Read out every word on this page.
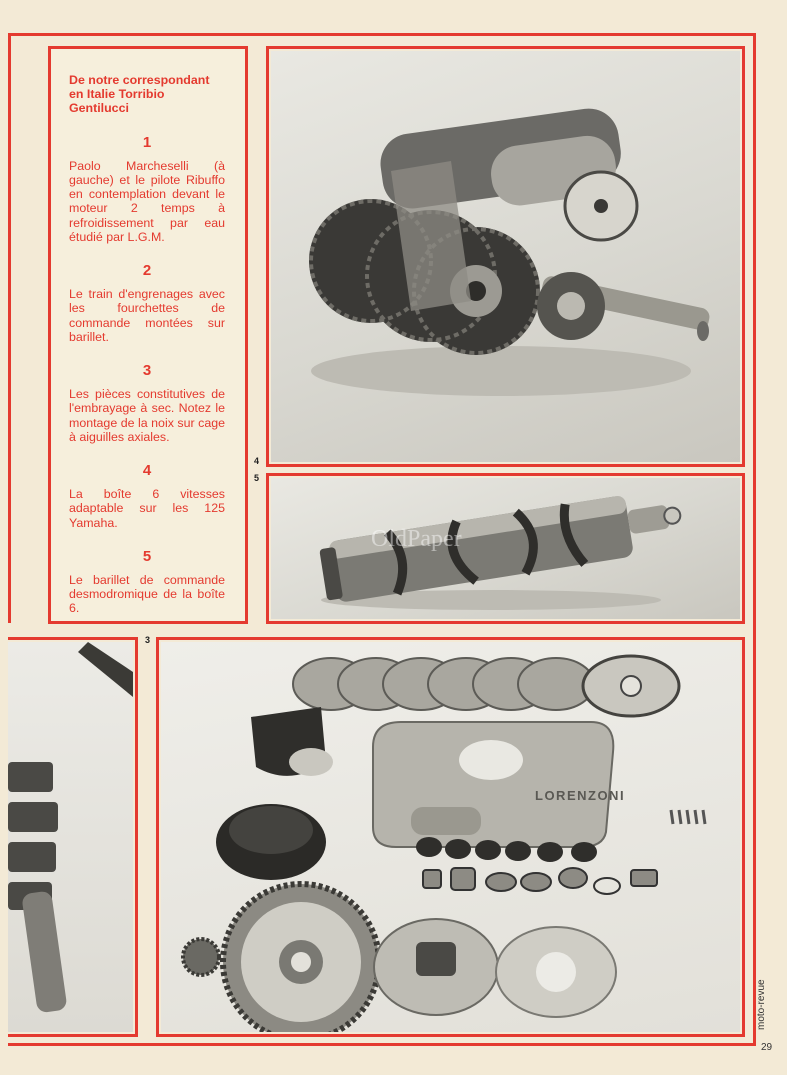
De notre correspondant en Italie Torribio Gentilucci

1

Paolo Marcheselli (à gauche) et le pilote Ribuffo en contemplation devant le moteur 2 temps à refroidissement par eau étudié par L.G.M.

2

Le train d'engrenages avec les fourchettes de commande montées sur barillet.

3

Les pièces constitutives de l'embrayage à sec. Notez le montage de la noix sur cage à aiguilles axiales.

4

La boîte 6 vitesses adaptable sur les 125 Yamaha.

5

Le barillet de commande desmodromique de la boîte 6.

4
5
OldPaper
3
LORENZONI
moto-revue
29
